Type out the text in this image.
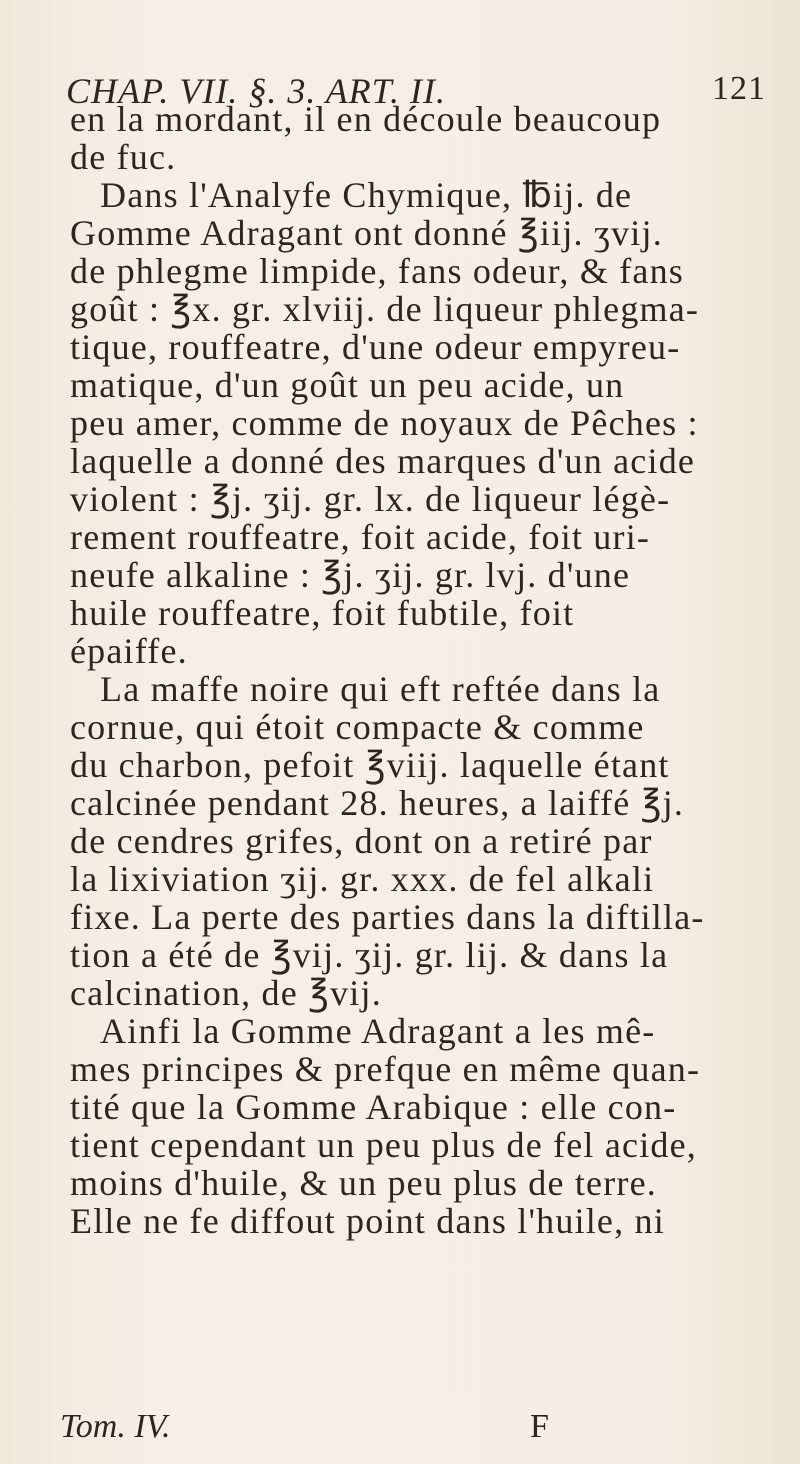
CHAP. VII. §. 3. ART. II.	121
en la mordant, il en découle beaucoup
de fuc.
Dans l'Analyfe Chymique, ℔ij. de
Gomme Adragant ont donné ℥iij. ʒvij.
de phlegme limpide, fans odeur, & fans
goût : ℥x. gr. xlviij. de liqueur phlegma-
tique, rouffeatre, d'une odeur empyreu-
matique, d'un goût un peu acide, un
peu amer, comme de noyaux de Pêches :
laquelle a donné des marques d'un acide
violent : ℥j. ʒij. gr. lx. de liqueur légè-
rement rouffeatre, foit acide, foit uri-
neufe alkaline : ℥j. ʒij. gr. lvj. d'une
huile rouffeatre, foit fubtile, foit
épaiffe.
La maffe noire qui eft reftée dans la
cornue, qui étoit compacte & comme
du charbon, pefoit ℥viij. laquelle étant
calcinée pendant 28. heures, a laiffé ℥j.
de cendres grifes, dont on a retiré par
la lixiviation ʒij. gr. xxx. de fel alkali
fixe. La perte des parties dans la diftilla-
tion a été de ℥vij. ʒij. gr. lij. & dans la
calcination, de ℥vij.
Ainfi la Gomme Adragant a les mê-
mes principes & prefque en même quan-
tité que la Gomme Arabique : elle con-
tient cependant un peu plus de fel acide,
moins d'huile, & un peu plus de terre.
Elle ne fe diffout point dans l'huile, ni
Tom. IV.	F
